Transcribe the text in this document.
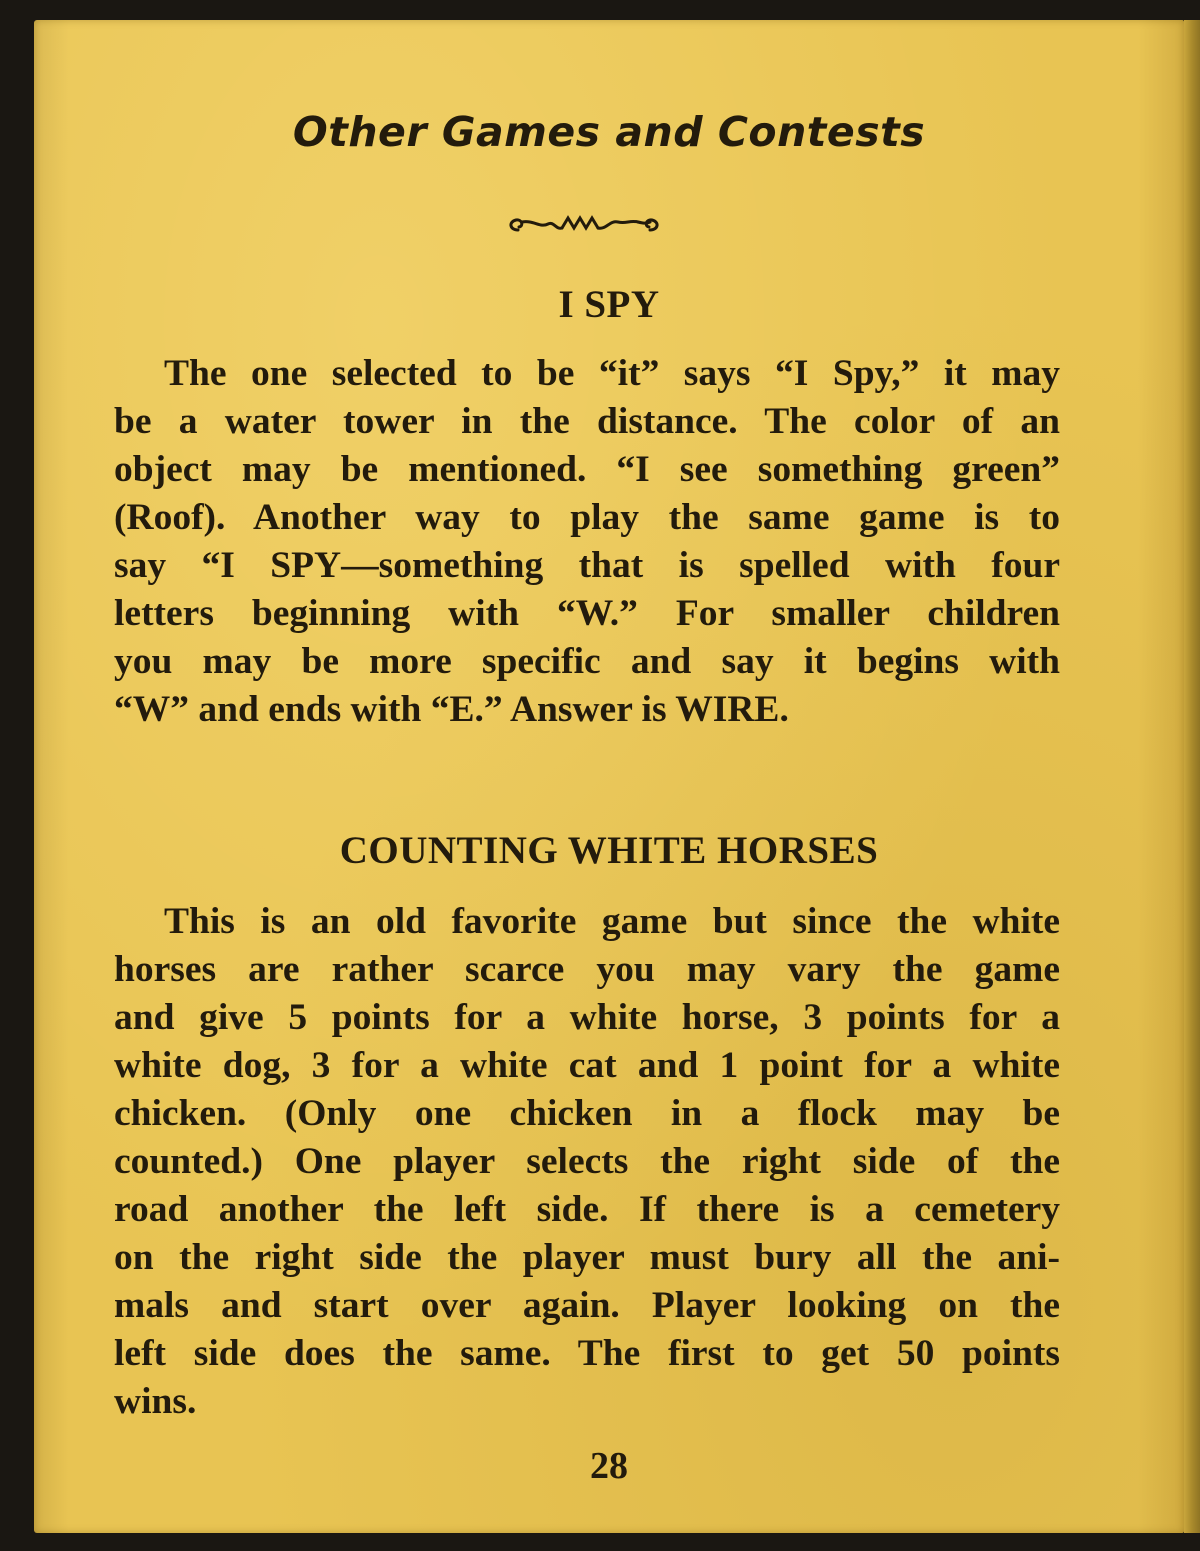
Other Games and Contests
I SPY
The one selected to be “it” says “I Spy,” it may
be a water tower in the distance. The color of an
object may be mentioned. “I see something green”
(Roof). Another way to play the same game is to
say “I SPY—something that is spelled with four
letters beginning with “W.” For smaller children
you may be more specific and say it begins with
“W” and ends with “E.” Answer is WIRE.
COUNTING WHITE HORSES
This is an old favorite game but since the white
horses are rather scarce you may vary the game
and give 5 points for a white horse, 3 points for a
white dog, 3 for a white cat and 1 point for a white
chicken. (Only one chicken in a flock may be
counted.) One player selects the right side of the
road another the left side. If there is a cemetery
on the right side the player must bury all the ani-
mals and start over again. Player looking on the
left side does the same. The first to get 50 points
wins.
28
